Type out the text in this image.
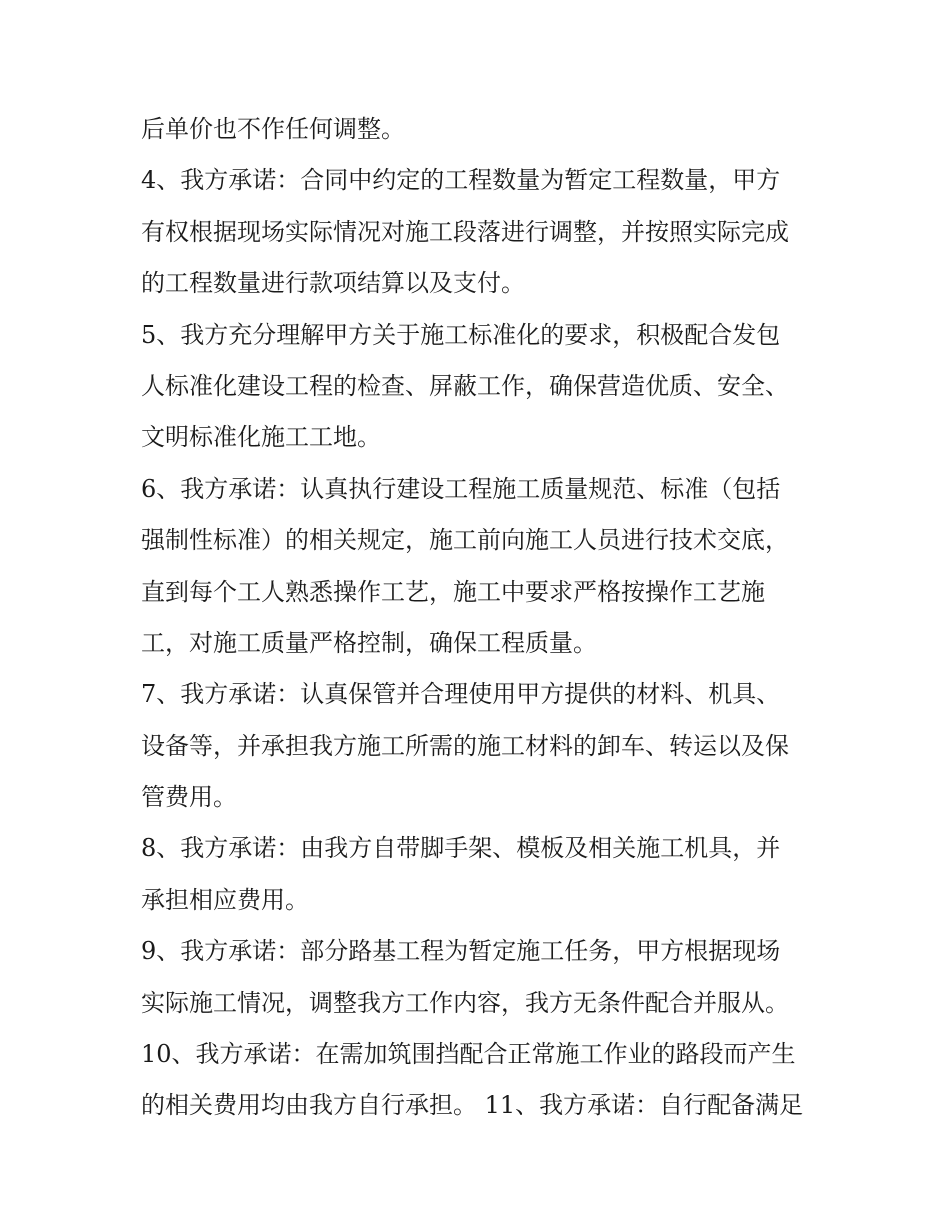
后单价也不作任何调整。
4、我方承诺：合同中约定的工程数量为暂定工程数量，甲方
有权根据现场实际情况对施工段落进行调整，并按照实际完成
的工程数量进行款项结算以及支付。
5、我方充分理解甲方关于施工标准化的要求，积极配合发包
人标准化建设工程的检查、屏蔽工作，确保营造优质、安全、
文明标准化施工工地。
6、我方承诺：认真执行建设工程施工质量规范、标准（包括
强制性标准）的相关规定，施工前向施工人员进行技术交底，
直到每个工人熟悉操作工艺，施工中要求严格按操作工艺施
工，对施工质量严格控制，确保工程质量。
7、我方承诺：认真保管并合理使用甲方提供的材料、机具、
设备等，并承担我方施工所需的施工材料的卸车、转运以及保
管费用。
8、我方承诺：由我方自带脚手架、模板及相关施工机具，并
承担相应费用。
9、我方承诺：部分路基工程为暂定施工任务，甲方根据现场
实际施工情况，调整我方工作内容，我方无条件配合并服从。
10、我方承诺：在需加筑围挡配合正常施工作业的路段而产生
的相关费用均由我方自行承担。 11、我方承诺：自行配备满足
